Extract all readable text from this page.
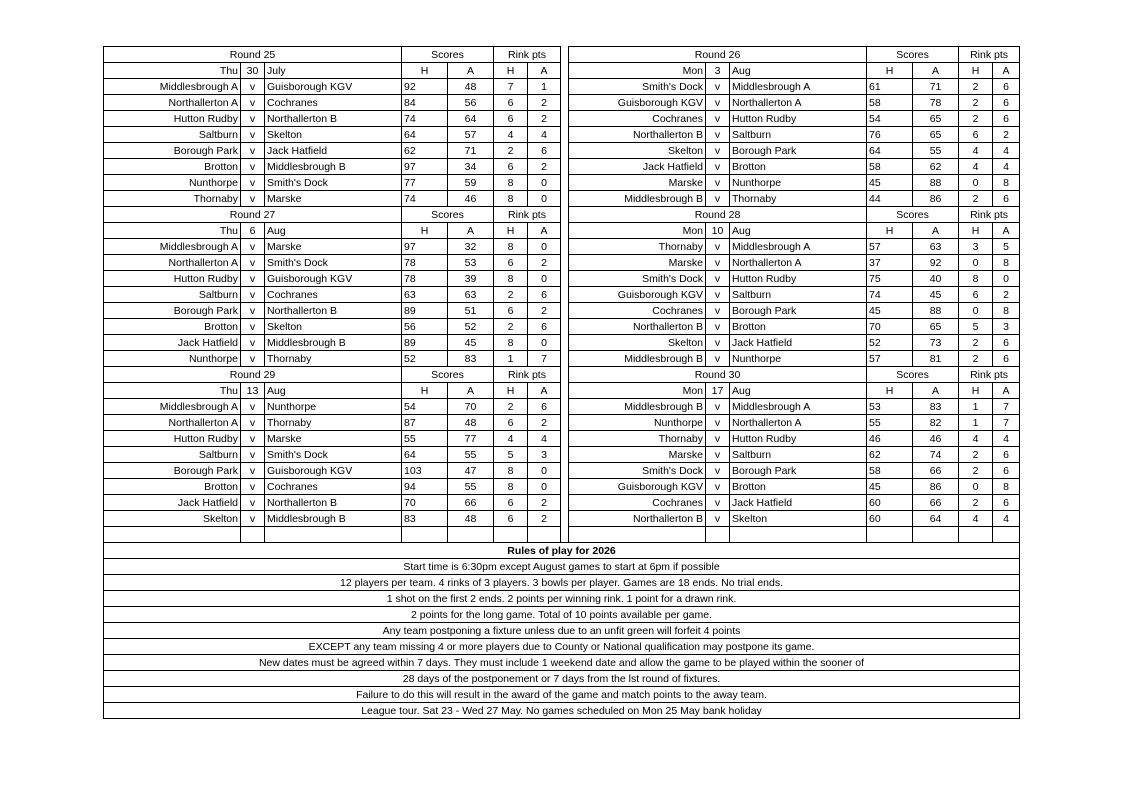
Round 25			Scores		Rink pts			Round 26			Scores		Rink pts	
Thu	30	July	H	A	H	A		Mon	3	Aug	H	A	H	A
Middlesbrough A	v	Guisborough KGV	92	48	7	1		Smith's Dock	v	Middlesbrough A	61	71	2	6
Northallerton A	v	Cochranes	84	56	6	2		Guisborough KGV	v	Northallerton A	58	78	2	6
Hutton Rudby	v	Northallerton B	74	64	6	2		Cochranes	v	Hutton Rudby	54	65	2	6
Saltburn	v	Skelton	64	57	4	4		Northallerton B	v	Saltburn	76	65	6	2
Borough Park	v	Jack Hatfield	62	71	2	6		Skelton	v	Borough Park	64	55	4	4
Brotton	v	Middlesbrough B	97	34	6	2		Jack Hatfield	v	Brotton	58	62	4	4
Nunthorpe	v	Smith's Dock	77	59	8	0		Marske	v	Nunthorpe	45	88	0	8
Thornaby	v	Marske	74	46	8	0		Middlesbrough B	v	Thornaby	44	86	2	6
Round 27			Scores		Rink pts			Round 28			Scores		Rink pts	
Thu	6	Aug	H	A	H	A		Mon	10	Aug	H	A	H	A
Middlesbrough A	v	Marske	97	32	8	0		Thornaby	v	Middlesbrough A	57	63	3	5
Northallerton A	v	Smith's Dock	78	53	6	2		Marske	v	Northallerton A	37	92	0	8
Hutton Rudby	v	Guisborough KGV	78	39	8	0		Smith's Dock	v	Hutton Rudby	75	40	8	0
Saltburn	v	Cochranes	63	63	2	6		Guisborough KGV	v	Saltburn	74	45	6	2
Borough Park	v	Northallerton B	89	51	6	2		Cochranes	v	Borough Park	45	88	0	8
Brotton	v	Skelton	56	52	2	6		Northallerton B	v	Brotton	70	65	5	3
Jack Hatfield	v	Middlesbrough B	89	45	8	0		Skelton	v	Jack Hatfield	52	73	2	6
Nunthorpe	v	Thornaby	52	83	1	7		Middlesbrough B	v	Nunthorpe	57	81	2	6
Round 29			Scores		Rink pts			Round 30			Scores		Rink pts	
Thu	13	Aug	H	A	H	A		Mon	17	Aug	H	A	H	A
Middlesbrough A	v	Nunthorpe	54	70	2	6		Middlesbrough B	v	Middlesbrough A	53	83	1	7
Northallerton A	v	Thornaby	87	48	6	2		Nunthorpe	v	Northallerton A	55	82	1	7
Hutton Rudby	v	Marske	55	77	4	4		Thornaby	v	Hutton Rudby	46	46	4	4
Saltburn	v	Smith's Dock	64	55	5	3		Marske	v	Saltburn	62	74	2	6
Borough Park	v	Guisborough KGV	103	47	8	0		Smith's Dock	v	Borough Park	58	66	2	6
Brotton	v	Cochranes	94	55	8	0		Guisborough KGV	v	Brotton	45	86	0	8
Jack Hatfield	v	Northallerton B	70	66	6	2		Cochranes	v	Jack Hatfield	60	66	2	6
Skelton	v	Middlesbrough B	83	48	6	2		Northallerton B	v	Skelton	60	64	4	4

Rules of play for 2026														
Start time is 6:30pm except August games to start at 6pm if possible														
12 players per team. 4 rinks of 3 players. 3 bowls per player. Games are 18 ends. No trial ends.														
1 shot on the first 2 ends. 2 points per winning rink. 1 point for a drawn rink.														
2 points for the long game. Total of 10 points available per game.														
Any team postponing a fixture unless due to an unfit green will forfeit 4 points														
EXCEPT any team missing 4 or more players due to County or National qualification may postpone its game.														
New dates must be agreed within 7 days. They must include 1 weekend date and allow the game to be played within the sooner of														
28 days of the postponement or 7 days from the lst round of fixtures.														
Failure to do this will result in the award of the game and match points to the away team.														
League tour. Sat 23 - Wed 27 May. No games scheduled on Mon 25 May bank holiday														
